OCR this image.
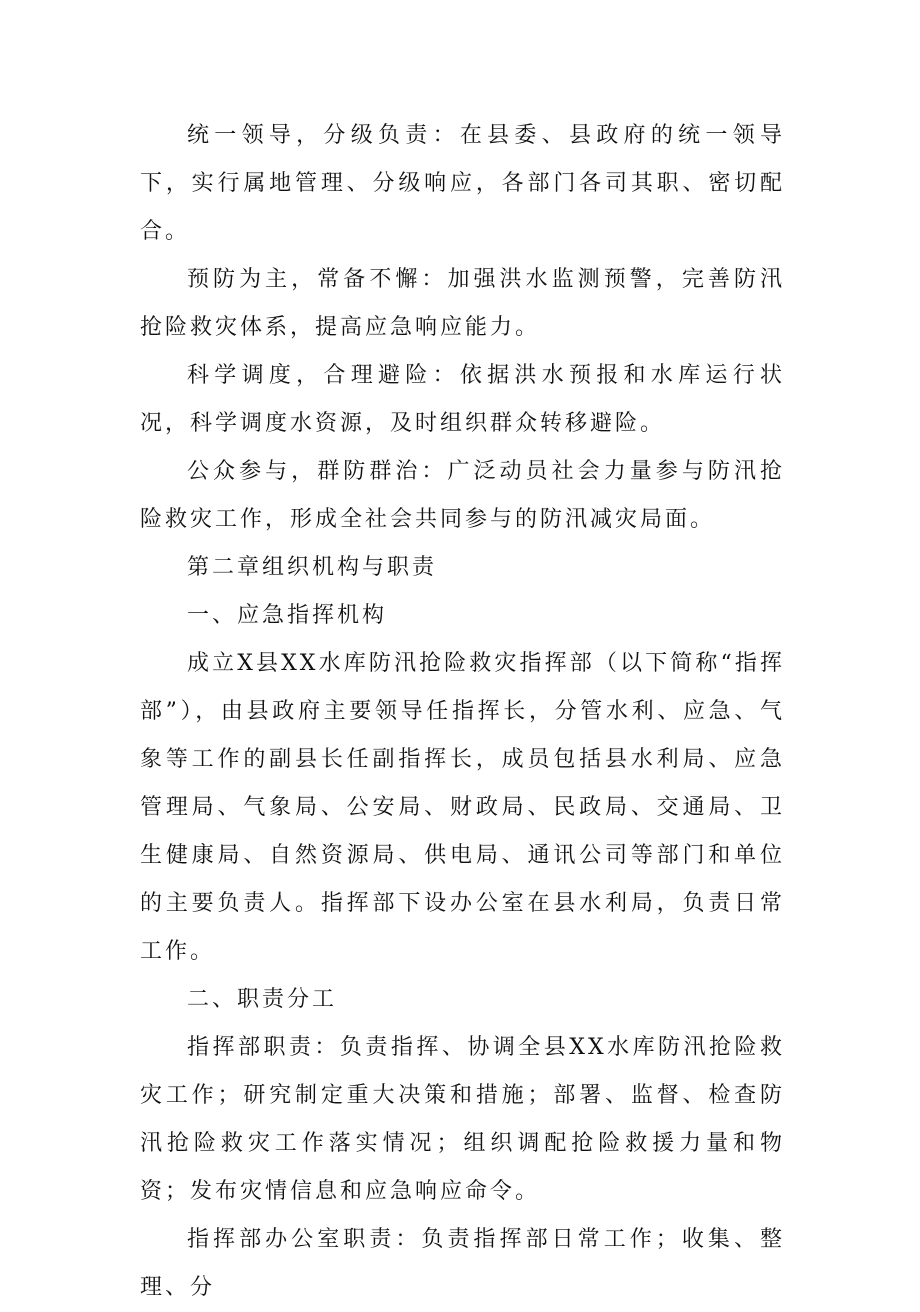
统一领导，分级负责：在县委、县政府的统一领导下，实行属地管理、分级响应，各部门各司其职、密切配合。

预防为主，常备不懈：加强洪水监测预警，完善防汛抢险救灾体系，提高应急响应能力。

科学调度，合理避险：依据洪水预报和水库运行状况，科学调度水资源，及时组织群众转移避险。

公众参与，群防群治：广泛动员社会力量参与防汛抢险救灾工作，形成全社会共同参与的防汛减灾局面。

第二章组织机构与职责

一、应急指挥机构

成立X县XX水库防汛抢险救灾指挥部（以下简称“指挥部”），由县政府主要领导任指挥长，分管水利、应急、气象等工作的副县长任副指挥长，成员包括县水利局、应急管理局、气象局、公安局、财政局、民政局、交通局、卫生健康局、自然资源局、供电局、通讯公司等部门和单位的主要负责人。指挥部下设办公室在县水利局，负责日常工作。

二、职责分工

指挥部职责：负责指挥、协调全县XX水库防汛抢险救灾工作；研究制定重大决策和措施；部署、监督、检查防汛抢险救灾工作落实情况；组织调配抢险救援力量和物资；发布灾情信息和应急响应命令。

指挥部办公室职责：负责指挥部日常工作；收集、整理、分
